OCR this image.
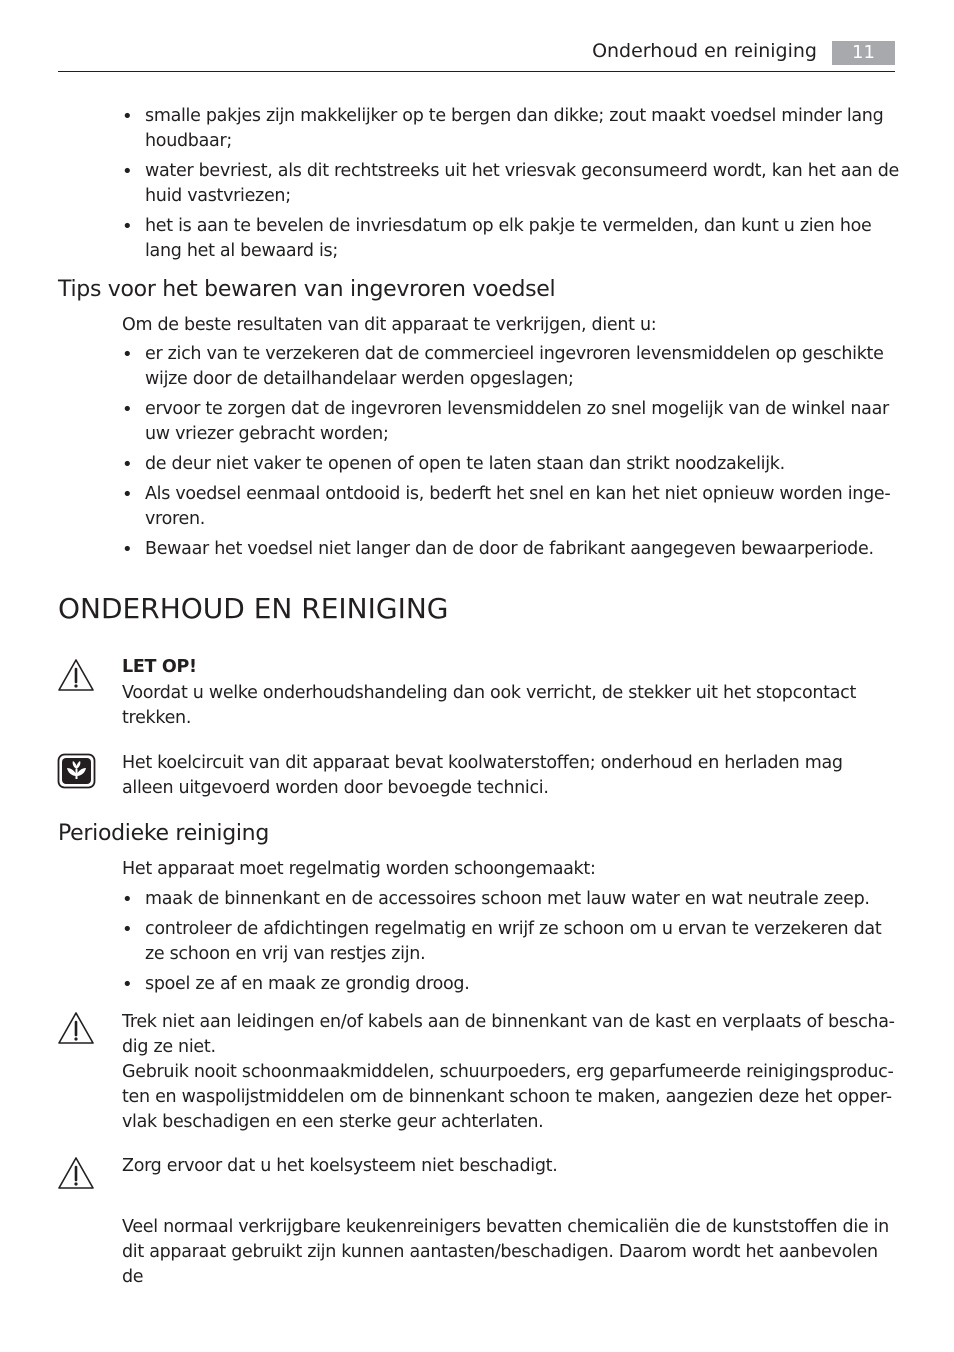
Onderhoud en reiniging	11
• smalle pakjes zijn makkelijker op te bergen dan dikke; zout maakt voedsel minder lang houdbaar;
• water bevriest, als dit rechtstreeks uit het vriesvak geconsumeerd wordt, kan het aan de huid vastvriezen;
• het is aan te bevelen de invriesdatum op elk pakje te vermelden, dan kunt u zien hoe lang het al bewaard is;
Tips voor het bewaren van ingevroren voedsel

Om de beste resultaten van dit apparaat te verkrijgen, dient u:

• er zich van te verzekeren dat de commercieel ingevroren levensmiddelen op geschikte wijze door de detailhandelaar werden opgeslagen;
• ervoor te zorgen dat de ingevroren levensmiddelen zo snel mogelijk van de winkel naar uw vriezer gebracht worden;
• de deur niet vaker te openen of open te laten staan dan strikt noodzakelijk.
• Als voedsel eenmaal ontdooid is, bederft het snel en kan het niet opnieuw worden inge-vroren.
• Bewaar het voedsel niet langer dan de door de fabrikant aangegeven bewaarperiode.
ONDERHOUD EN REINIGING
LET OP!

Voordat u welke onderhoudshandeling dan ook verricht, de stekker uit het stopcontact trekken.

Het koelcircuit van dit apparaat bevat koolwaterstoffen; onderhoud en herladen mag alleen uitgevoerd worden door bevoegde technici.

Periodieke reiniging

Het apparaat moet regelmatig worden schoongemaakt:

• maak de binnenkant en de accessoires schoon met lauw water en wat neutrale zeep.
• controleer de afdichtingen regelmatig en wrijf ze schoon om u ervan te verzekeren dat ze schoon en vrij van restjes zijn.
• spoel ze af en maak ze grondig droog.

Trek niet aan leidingen en/of kabels aan de binnenkant van de kast en verplaats of bescha-dig ze niet.

Gebruik nooit schoonmaakmiddelen, schuurpoeders, erg geparfumeerde reinigingsproduc-ten en waspolijstmiddelen om de binnenkant schoon te maken, aangezien deze het opper-vlak beschadigen en een sterke geur achterlaten.

Zorg ervoor dat u het koelsysteem niet beschadigt.

Veel normaal verkrijgbare keukenreinigers bevatten chemicaliën die de kunststoffen die in dit apparaat gebruikt zijn kunnen aantasten/beschadigen. Daarom wordt het aanbevolen de
